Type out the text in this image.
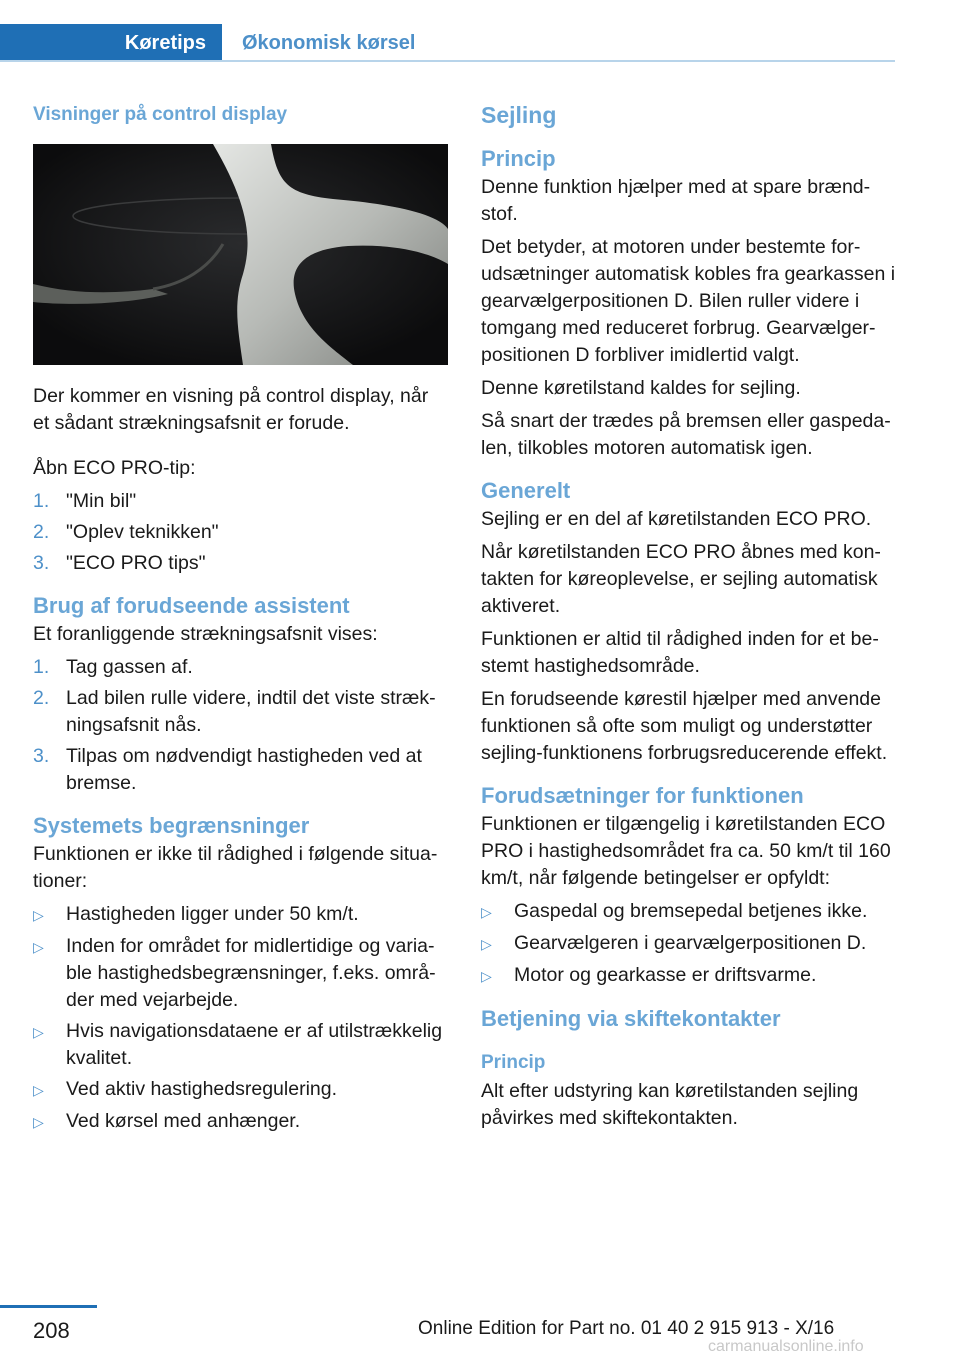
Køretips	Økonomisk kørsel
Visninger på control display
Der kommer en visning på control display, når et sådant strækningsafsnit er forude.
Åbn ECO PRO-tip:
1. "Min bil"
2. "Oplev teknikken"
3. "ECO PRO tips"
Brug af forudseende assistent
Et foranliggende strækningsafsnit vises:
1. Tag gassen af.
2. Lad bilen rulle videre, indtil det viste strækningsafsnit nås.
3. Tilpas om nødvendigt hastigheden ved at bremse.
Systemets begrænsninger
Funktionen er ikke til rådighed i følgende situationer:
▷	Hastigheden ligger under 50 km/t.
▷	Inden for området for midlertidige og variable hastighedsbegrænsninger, f.eks. områder med vejarbejde.
▷	Hvis navigationsdataene er af utilstrækkelig kvalitet.
▷	Ved aktiv hastighedsregulering.
▷	Ved kørsel med anhænger.
Sejling
Princip
Denne funktion hjælper med at spare brændstof.
Det betyder, at motoren under bestemte forudsætninger automatisk kobles fra gearkassen i gearvælgerpositionen D. Bilen ruller videre i tomgang med reduceret forbrug. Gearvælgerpositionen D forbliver imidlertid valgt.
Denne køretilstand kaldes for sejling.
Så snart der trædes på bremsen eller gaspedalen, tilkobles motoren automatisk igen.
Generelt
Sejling er en del af køretilstanden ECO PRO.
Når køretilstanden ECO PRO åbnes med kontakten for køreoplevelse, er sejling automatisk aktiveret.
Funktionen er altid til rådighed inden for et bestemt hastighedsområde.
En forudseende kørestil hjælper med anvende funktionen så ofte som muligt og understøtter sejling-funktionens forbrugsreducerende effekt.
Forudsætninger for funktionen
Funktionen er tilgængelig i køretilstanden ECO PRO i hastighedsområdet fra ca. 50 km/t til 160 km/t, når følgende betingelser er opfyldt:
▷	Gaspedal og bremsepedal betjenes ikke.
▷	Gearvælgeren i gearvælgerpositionen D.
▷	Motor og gearkasse er driftsvarme.
Betjening via skiftekontakter
Princip
Alt efter udstyring kan køretilstanden sejling påvirkes med skiftekontakten.
208	Online Edition for Part no. 01 40 2 915 913 - X/16
carmanualsonline.info
